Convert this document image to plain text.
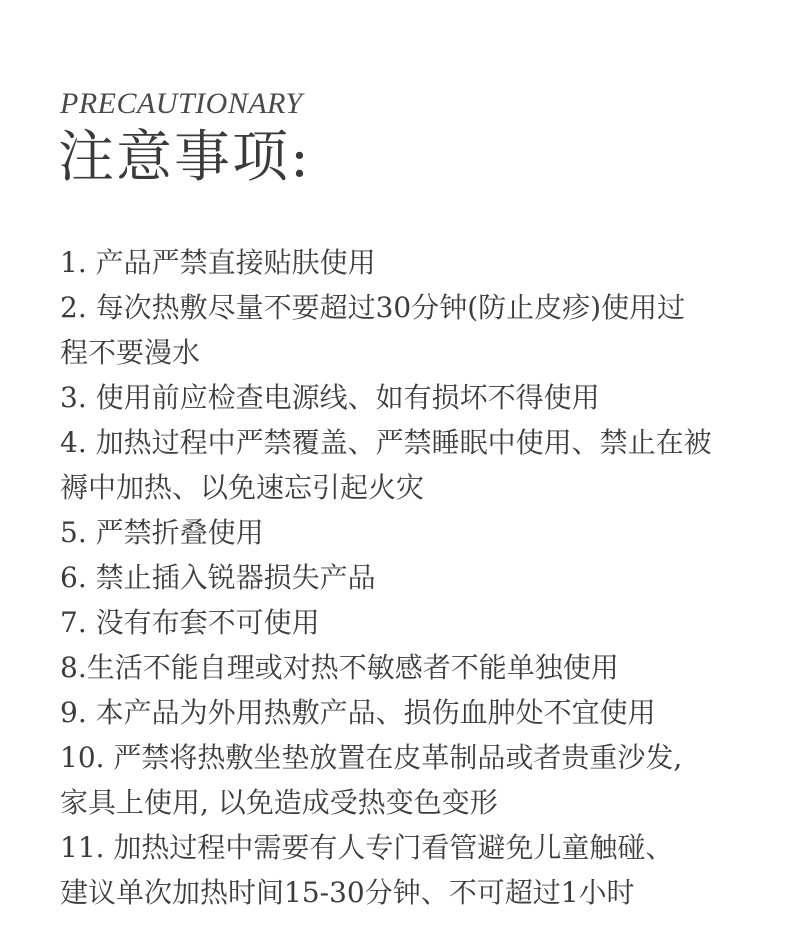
PRECAUTIONARY
注意事项:
1. 产品严禁直接贴肤使用
2. 每次热敷尽量不要超过30分钟(防止皮疹)使用过
程不要漫水
3. 使用前应检查电源线、如有损坏不得使用
4. 加热过程中严禁覆盖、严禁睡眠中使用、禁止在被
褥中加热、以免速忘引起火灾
5. 严禁折叠使用
6. 禁止插入锐器损失产品
7. 没有布套不可使用
8.生活不能自理或对热不敏感者不能单独使用
9. 本产品为外用热敷产品、损伤血肿处不宜使用
10. 严禁将热敷坐垫放置在皮革制品或者贵重沙发,
家具上使用, 以免造成受热变色变形
11. 加热过程中需要有人专门看管避免儿童触碰、
建议单次加热时间15-30分钟、不可超过1小时
